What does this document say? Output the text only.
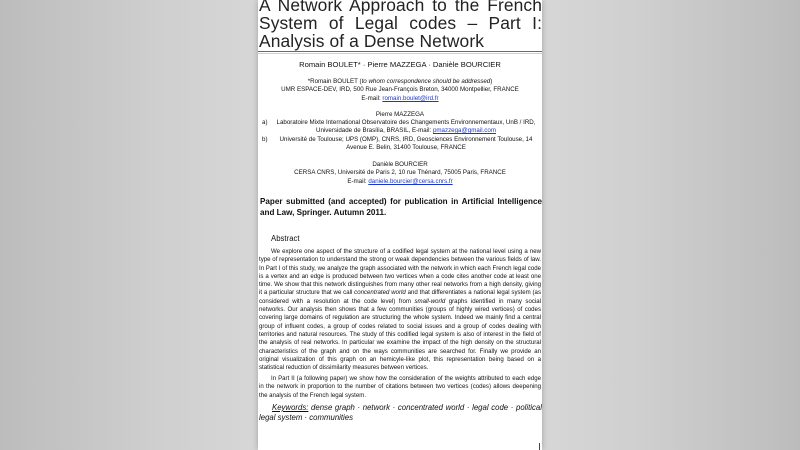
A Network Approach to the French System of Legal codes – Part I: Analysis of a Dense Network
Romain BOULET* · Pierre MAZZEGA · Danièle BOURCIER
*Romain BOULET (to whom correspondence should be addressed)
UMR ESPACE-DEV, IRD, 500 Rue Jean-François Breton, 34000 Montpellier, FRANCE
E-mail: romain.boulet@ird.fr
Pierre MAZZEGA
a)	Laboratoire Mixte International Observatoire des Changements Environnementaux, UnB / IRD, Universidade de Brasília, BRASIL, E-mail: pmazzega@gmail.com
b)	Université de Toulouse; UPS (OMP), CNRS, IRD, Geosciences Environnement Toulouse, 14 Avenue E. Belin, 31400 Toulouse, FRANCE
Danièle BOURCIER
CERSA CNRS, Université de Paris 2, 10 rue Thénard, 75005 Paris, FRANCE
E-mail: daniele.bourcier@cersa.cnrs.fr
Paper submitted (and accepted) for publication in Artificial Intelligence and Law, Springer. Autumn 2011.
Abstract
We explore one aspect of the structure of a codified legal system at the national level using a new type of representation to understand the strong or weak dependencies between the various fields of law. In Part I of this study, we analyze the graph associated with the network in which each French legal code is a vertex and an edge is produced between two vertices when a code cites another code at least one time. We show that this network distinguishes from many other real networks from a high density, giving it a particular structure that we call concentrated world and that differentiates a national legal system (as considered with a resolution at the code level) from small-world graphs identified in many social networks. Our analysis then shows that a few communities (groups of highly wired vertices) of codes covering large domains of regulation are structuring the whole system. Indeed we mainly find a central group of influent codes, a group of codes related to social issues and a group of codes dealing with territories and natural resources. The study of this codified legal system is also of interest in the field of the analysis of real networks. In particular we examine the impact of the high density on the structural characteristics of the graph and on the ways communities are searched for. Finally we provide an original visualization of this graph on an hemicyle-like plot, this representation being based on a statistical reduction of dissimilarity measures between vertices.
In Part II (a following paper) we show how the consideration of the weights attributed to each edge in the network in proportion to the number of citations between two vertices (codes) allows deepening the analysis of the French legal system.
Keywords: dense graph · network · concentrated world · legal code · political legal system · communities
